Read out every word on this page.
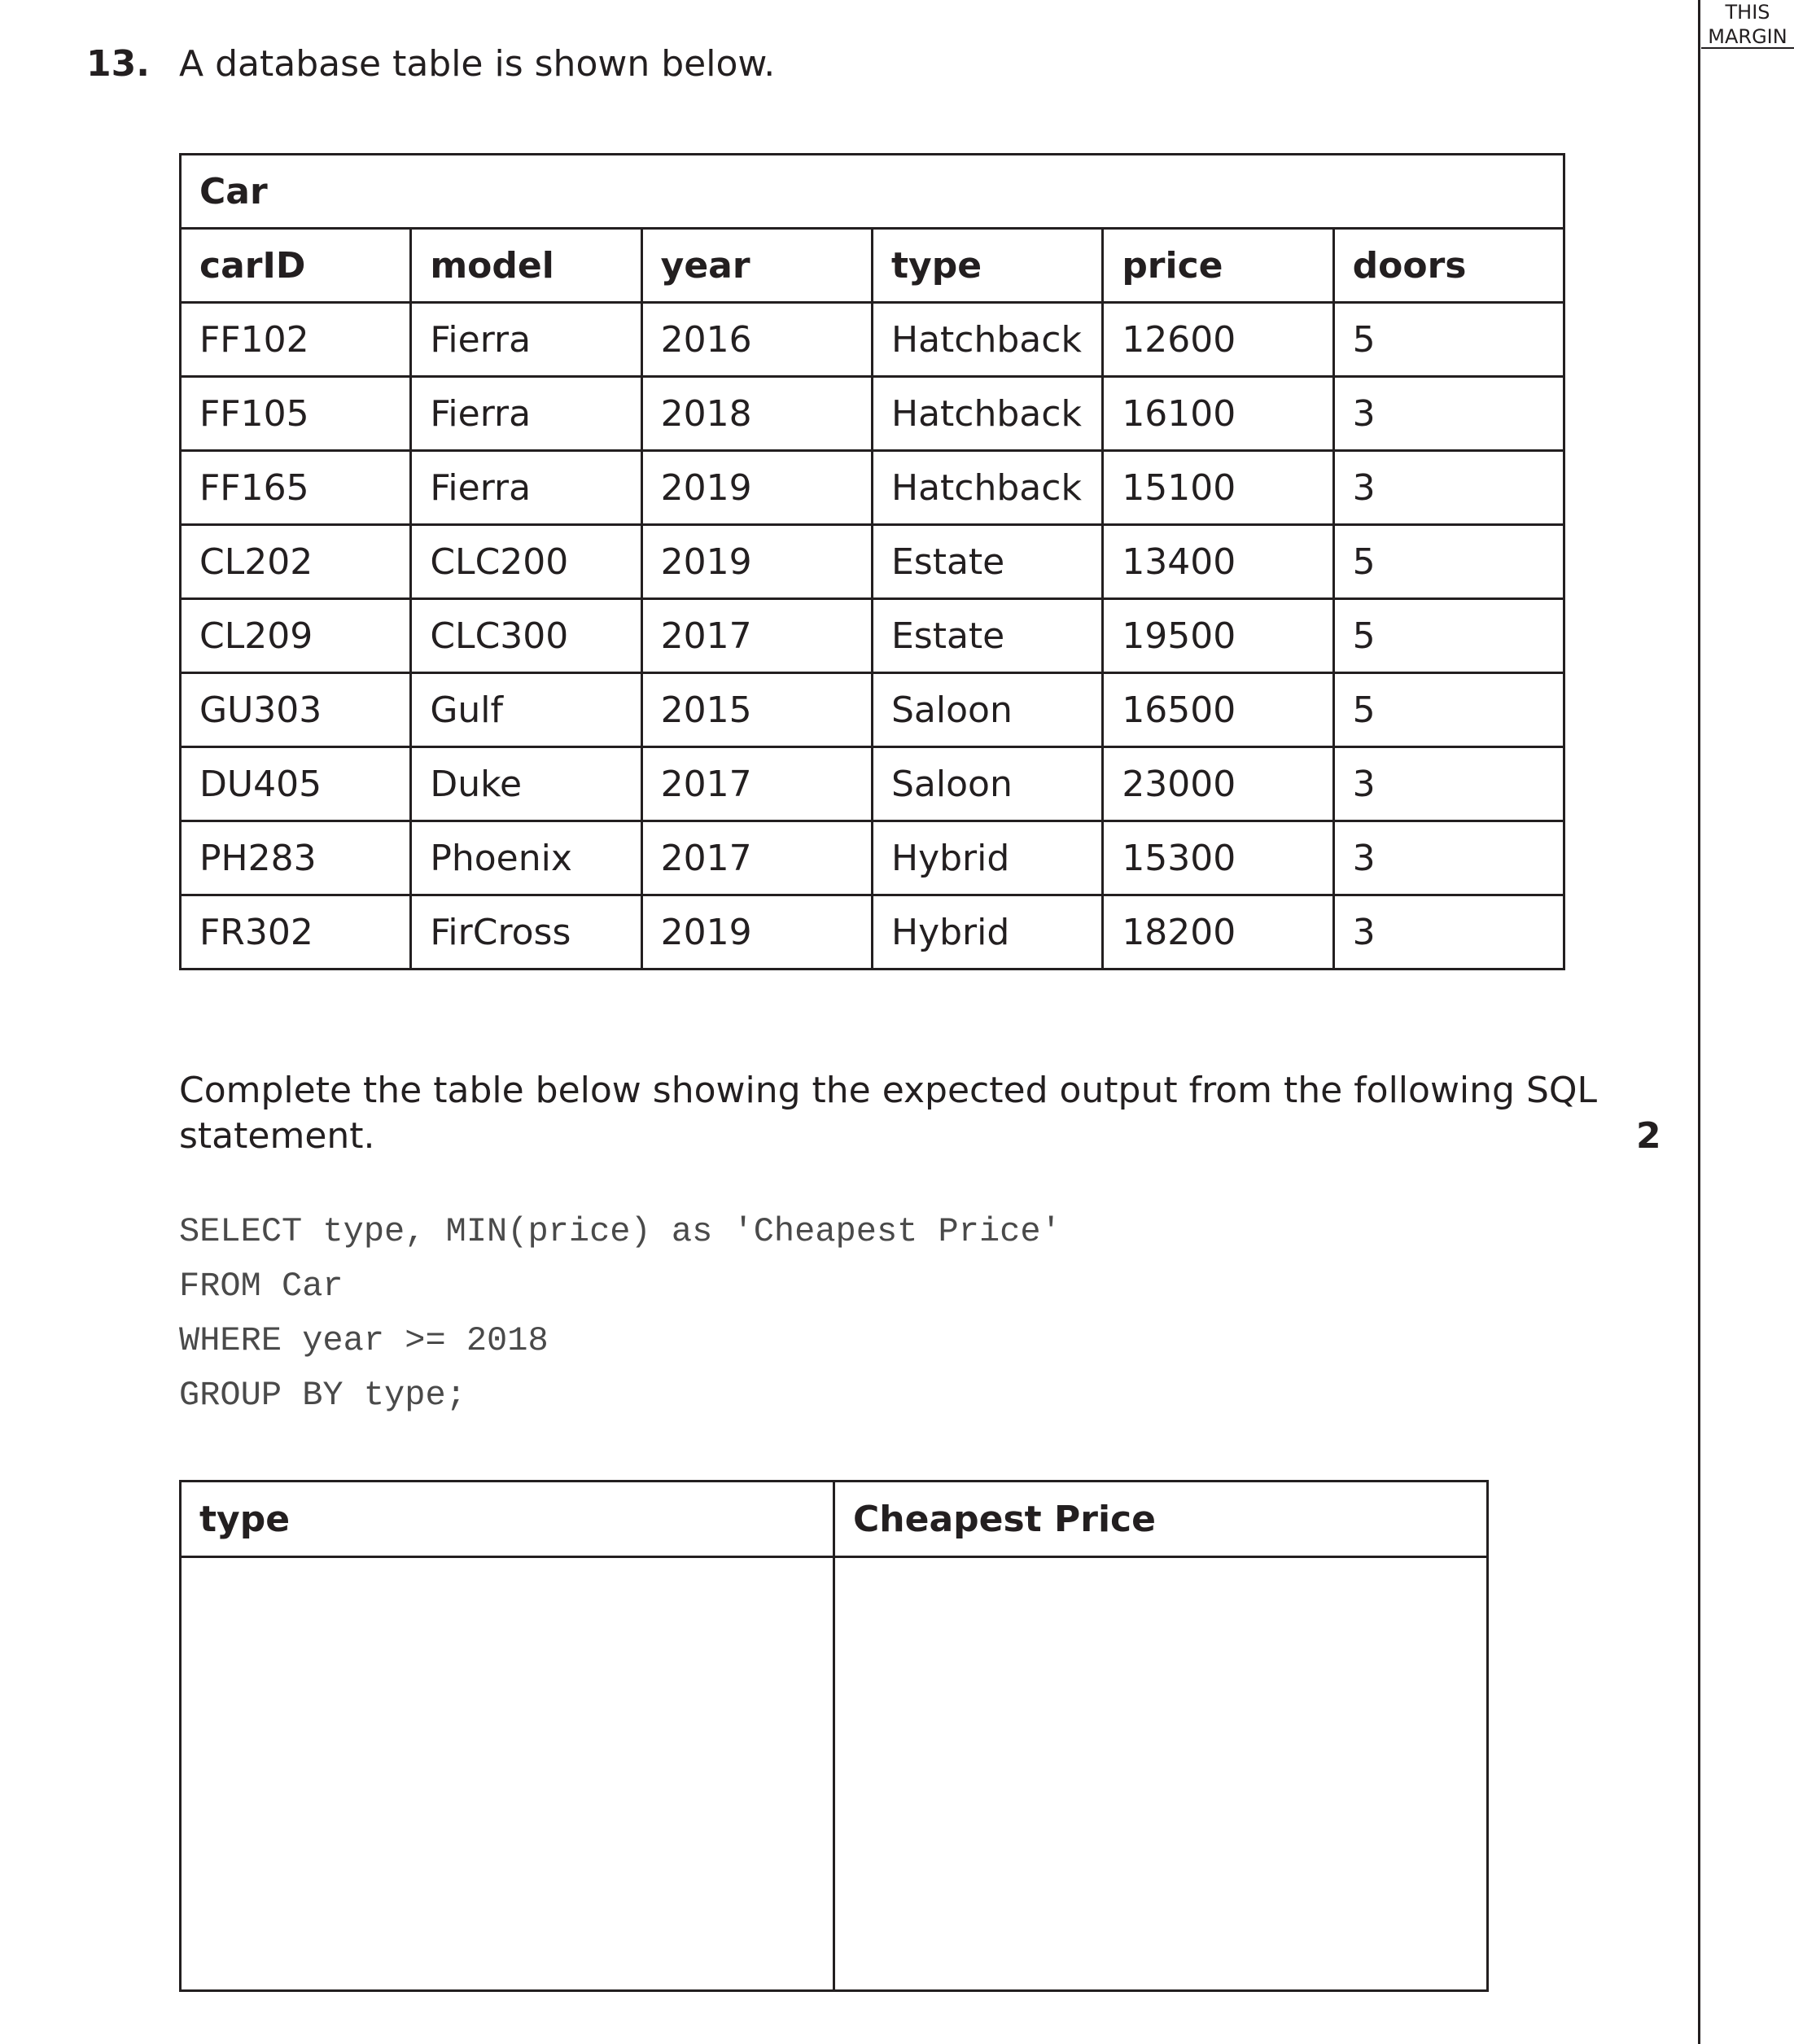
THIS
MARGIN
13. A database table is shown below.
Car					
carID	model	year	type	price	doors
FF102	Fierra	2016	Hatchback	12600	5
FF105	Fierra	2018	Hatchback	16100	3
FF165	Fierra	2019	Hatchback	15100	3
CL202	CLC200	2019	Estate	13400	5
CL209	CLC300	2017	Estate	19500	5
GU303	Gulf	2015	Saloon	16500	5
DU405	Duke	2017	Saloon	23000	3
PH283	Phoenix	2017	Hybrid	15300	3
FR302	FirCross	2019	Hybrid	18200	3
Complete the table below showing the expected output from the following SQL statement.	2
SELECT type, MIN(price) as 'Cheapest Price'
FROM Car
WHERE year >= 2018
GROUP BY type;
type	Cheapest Price
